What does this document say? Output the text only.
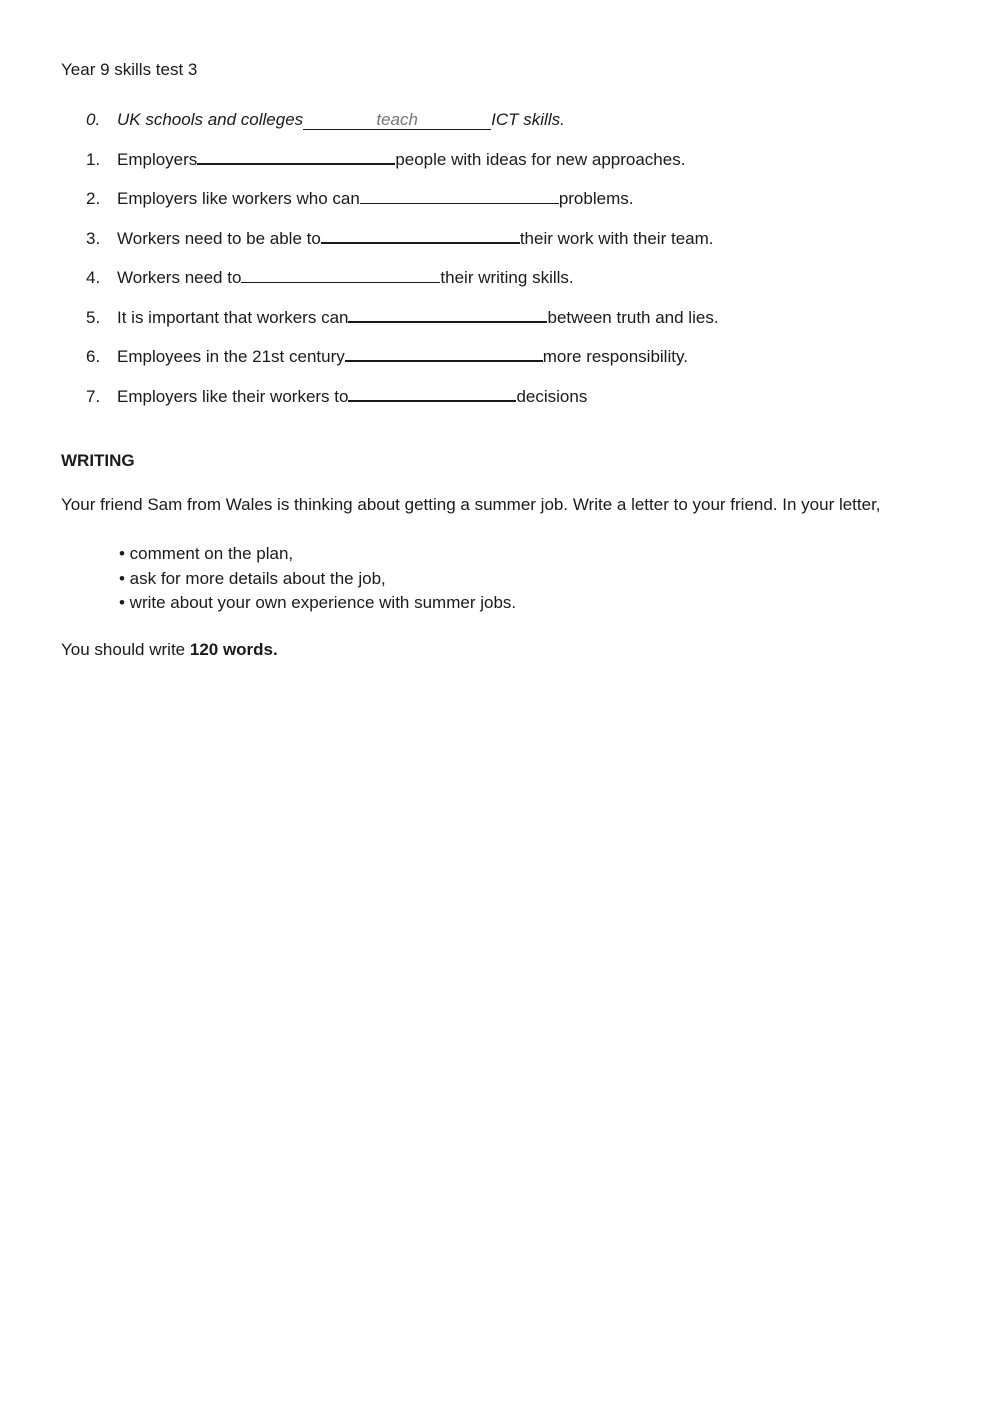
Year 9 skills test 3
0. UK schools and colleges	teach	ICT skills.
1. Employers	people with ideas for new approaches.
2. Employers like workers who can	problems.
3. Workers need to be able to	their work with their team.
4. Workers need to	their writing skills.
5. It is important that workers can	between truth and lies.
6. Employees in the 21st century	more responsibility.
7. Employers like their workers to	decisions
WRITING
Your friend Sam from Wales is thinking about getting a summer job. Write a letter to your friend. In your letter,
• comment on the plan,
• ask for more details about the job,
• write about your own experience with summer jobs.
You should write 120 words.
